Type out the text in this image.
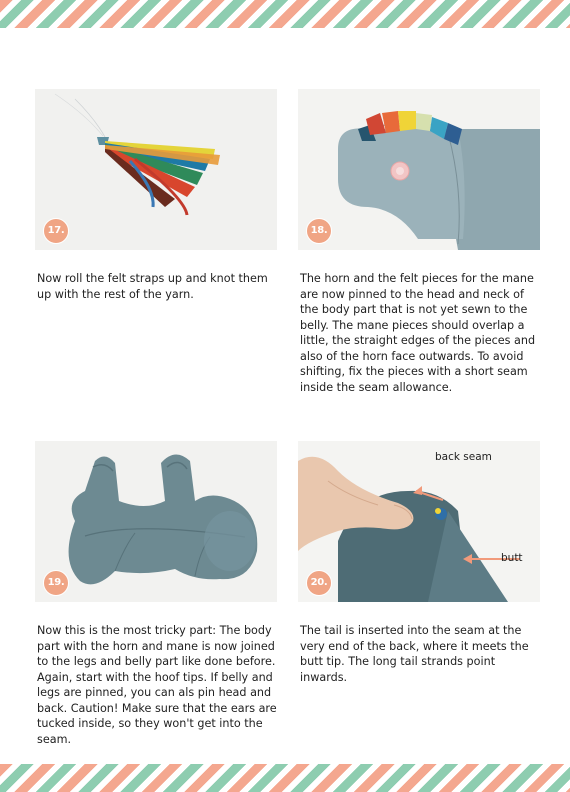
17.	18.

Now roll the felt straps up and knot them up with the rest of the yarn.

The horn and the felt pieces for the mane are now pinned to the head and neck of the body part that is not yet sewn to the belly. The mane pieces should overlap a little, the straight edges of the pieces and also of the horn face outwards. To avoid shifting, fix the pieces with a short seam inside the seam allowance.

19.
back seam
butt
20.

Now this is the most tricky part: The body part with the horn and mane is now joined to the legs and belly part like done before. Again, start with the hoof tips. If belly and legs are pinned, you can als pin head and back. Caution! Make sure that the ears are tucked inside, so they won't get into the seam.

The tail is inserted into the seam at the very end of the back, where it meets the butt tip. The long tail strands point inwards.
